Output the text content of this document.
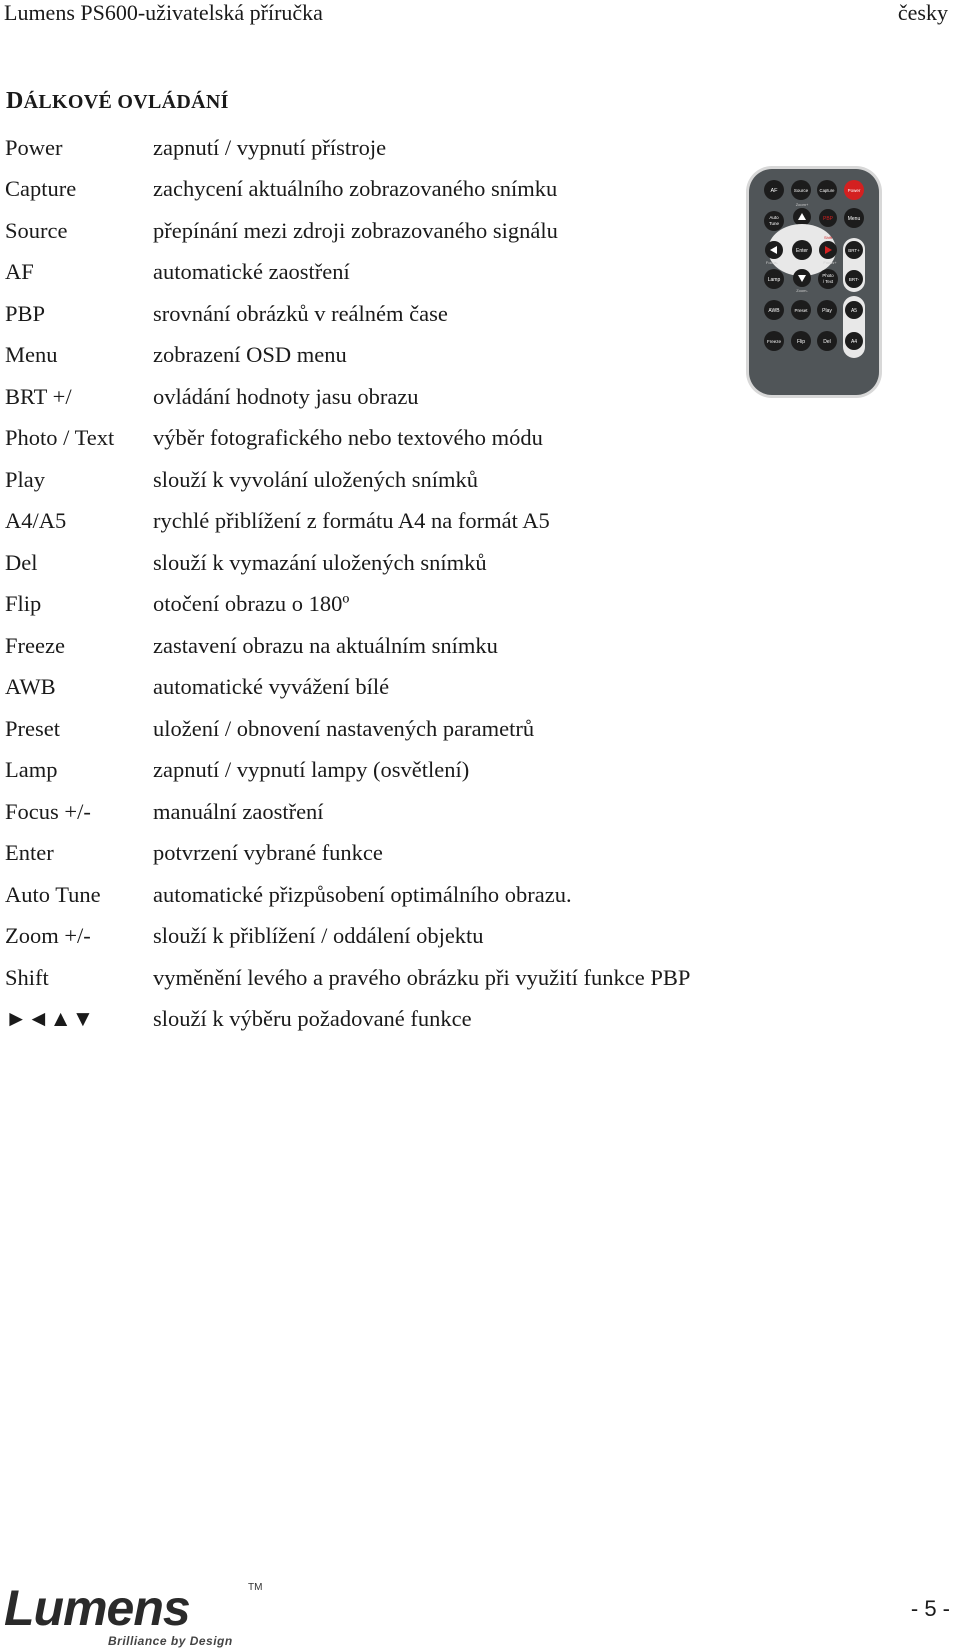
Lumens PS600-uživatelská příručka	česky
DÁLKOVÉ OVLÁDÁNÍ
Power	zapnutí / vypnutí přístroje
Capture	zachycení aktuálního zobrazovaného snímku
Source	přepínání mezi zdroji zobrazovaného signálu
AF	automatické zaostření
PBP	srovnání obrázků v reálném čase
Menu	zobrazení OSD menu
BRT +/	ovládání hodnoty jasu obrazu
Photo / Text	výběr fotografického nebo textového módu
Play	slouží k vyvolání uložených snímků
A4/A5	rychlé přiblížení z formátu A4 na formát A5
Del	slouží k vymazání uložených snímků
Flip	otočení obrazu o 180º
Freeze	zastavení obrazu na aktuálním snímku
AWB	automatické vyvážení bílé
Preset	uložení / obnovení nastavených parametrů
Lamp	zapnutí / vypnutí lampy (osvětlení)
Focus +/-	manuální zaostření
Enter	potvrzení vybrané funkce
Auto Tune	automatické přizpůsobení optimálního obrazu.
Zoom +/-	slouží k přiblížení / oddálení objektu
Shift	vyměnění levého a pravého obrázku při využití funkce PBP
►◄▲▼	slouží k výběru požadované funkce
AF	Source	Capture	Power
Auto
Tune
Zoom+
PBP	Menu
Focus-
Enter
Shift
Focus+
BRT+
BRT-
Lamp
Zoom-
Photo
/ Text
AWB	Preset	Play	A5
Freeze	Flip	Del	A4
Lumens	TM
Brilliance by Design
- 5 -
